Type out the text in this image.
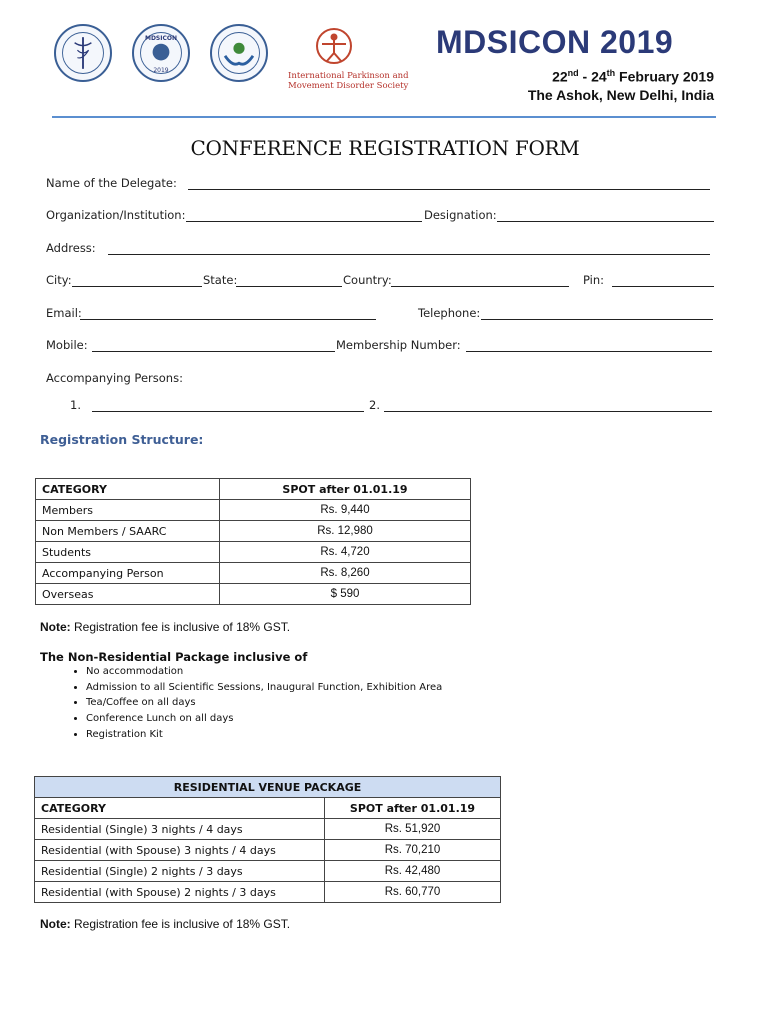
MDSICON
2019
International Parkinson and
Movement Disorder Society
MDSICON 2019
22nd - 24th February 2019
The Ashok, New Delhi, India
CONFERENCE REGISTRATION FORM
Name of the Delegate:
Organization/Institution:	Designation:
Address:
City:	State:	Country:	Pin:
Email:	Telephone:
Mobile:	Membership Number:
Accompanying Persons:
1.	2.
Registration Structure:
CATEGORY	SPOT after 01.01.19
Members	Rs. 9,440
Non Members / SAARC	Rs. 12,980
Students	Rs. 4,720
Accompanying Person	Rs. 8,260
Overseas	$ 590
Note: Registration fee is inclusive of 18% GST.
The Non-Residential Package inclusive of
• No accommodation
• Admission to all Scientific Sessions, Inaugural Function, Exhibition Area
• Tea/Coffee on all days
• Conference Lunch on all days
• Registration Kit
RESIDENTIAL VENUE PACKAGE	
CATEGORY	SPOT after 01.01.19
Residential (Single) 3 nights / 4 days	Rs. 51,920
Residential (with Spouse) 3 nights / 4 days	Rs. 70,210
Residential (Single) 2 nights / 3 days	Rs. 42,480
Residential (with Spouse) 2 nights / 3 days	Rs. 60,770
Note: Registration fee is inclusive of 18% GST.
